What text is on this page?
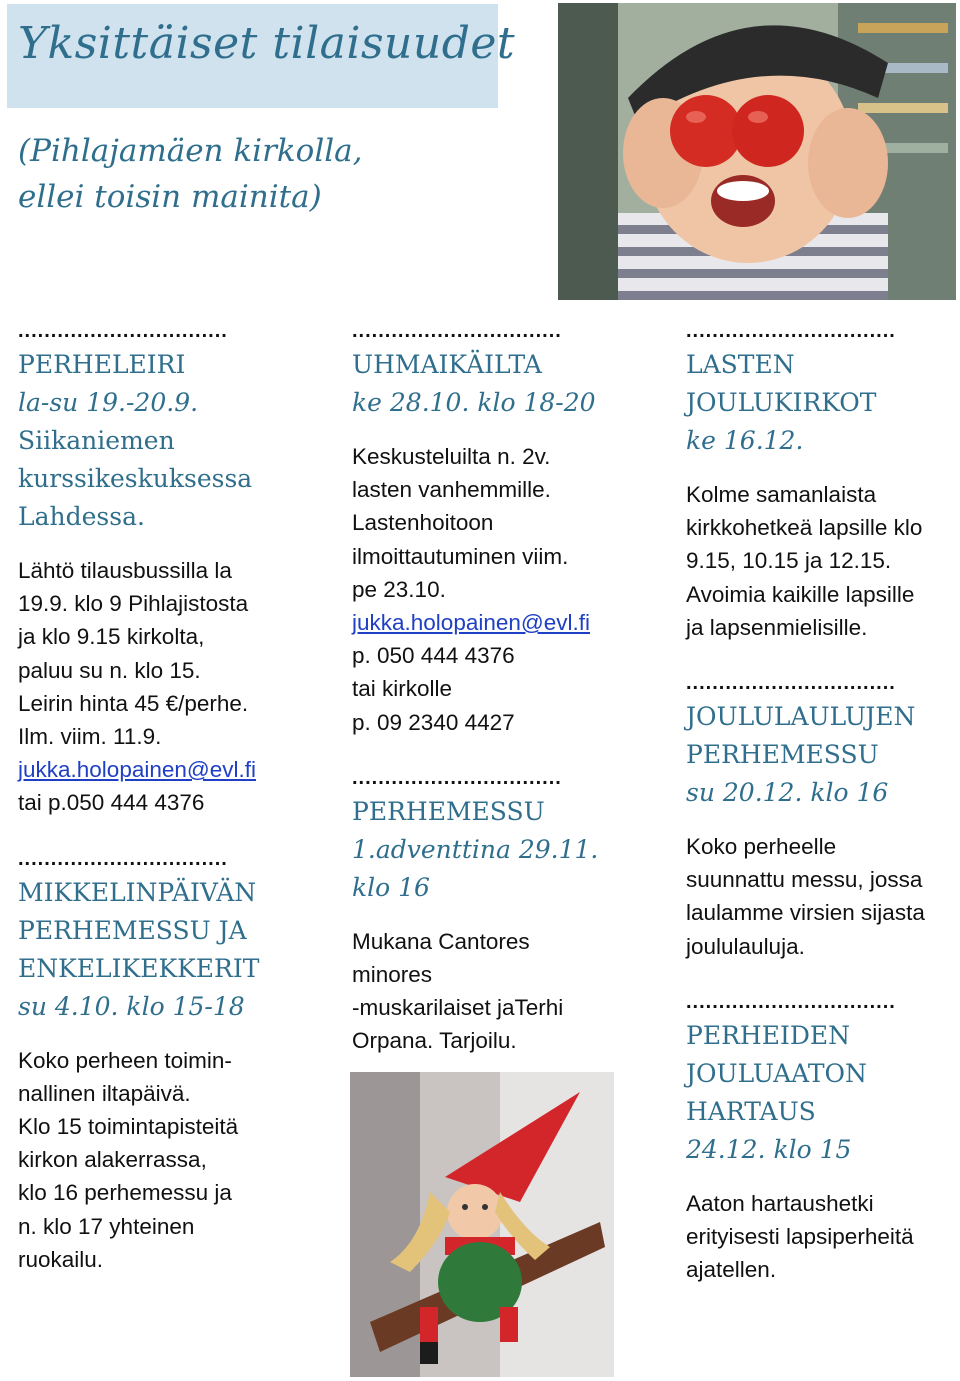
Yksittäiset tilaisuudet
(Pihlajamäen kirkolla,
ellei toisin mainita)
................................
PERHELEIRI
la-su 19.-20.9.
Siikaniemen
kurssikeskuksessa
Lahdessa.
Lähtö tilausbussilla la
19.9. klo 9 Pihlajistosta
ja klo 9.15 kirkolta,
paluu su n. klo 15.
Leirin hinta 45 €/perhe.
Ilm. viim. 11.9.
jukka.holopainen@evl.fi
tai p.050 444 4376
................................
MIKKELINPÄIVÄN
PERHEMESSU JA
ENKELIKEKKERIT
su 4.10. klo 15-18
Koko perheen toimin-
nallinen iltapäivä.
Klo 15 toimintapisteitä
kirkon alakerrassa,
klo 16 perhemessu ja
n. klo 17 yhteinen
ruokailu.
................................
UHMAIKÄILTA
ke 28.10. klo 18-20
Keskusteluilta n. 2v.
lasten vanhemmille.
Lastenhoitoon
ilmoittautuminen viim.
pe 23.10.
jukka.holopainen@evl.fi
p. 050 444 4376
tai kirkolle
p. 09 2340 4427
................................
PERHEMESSU
1.adventtina 29.11.
klo 16
Mukana Cantores
minores
-muskarilaiset jaTerhi
Orpana. Tarjoilu.
................................
LASTEN
JOULUKIRKOT
ke 16.12.
Kolme samanlaista
kirkkohetkeä lapsille klo
9.15, 10.15 ja 12.15.
Avoimia kaikille lapsille
ja lapsenmielisille.
................................
JOULULAULUJEN
PERHEMESSU
su 20.12. klo 16
Koko perheelle
suunnattu messu, jossa
laulamme virsien sijasta
joululauluja.
................................
PERHEIDEN
JOULUAATON
HARTAUS
24.12. klo 15
Aaton hartaushetki
erityisesti lapsiperheitä
ajatellen.
